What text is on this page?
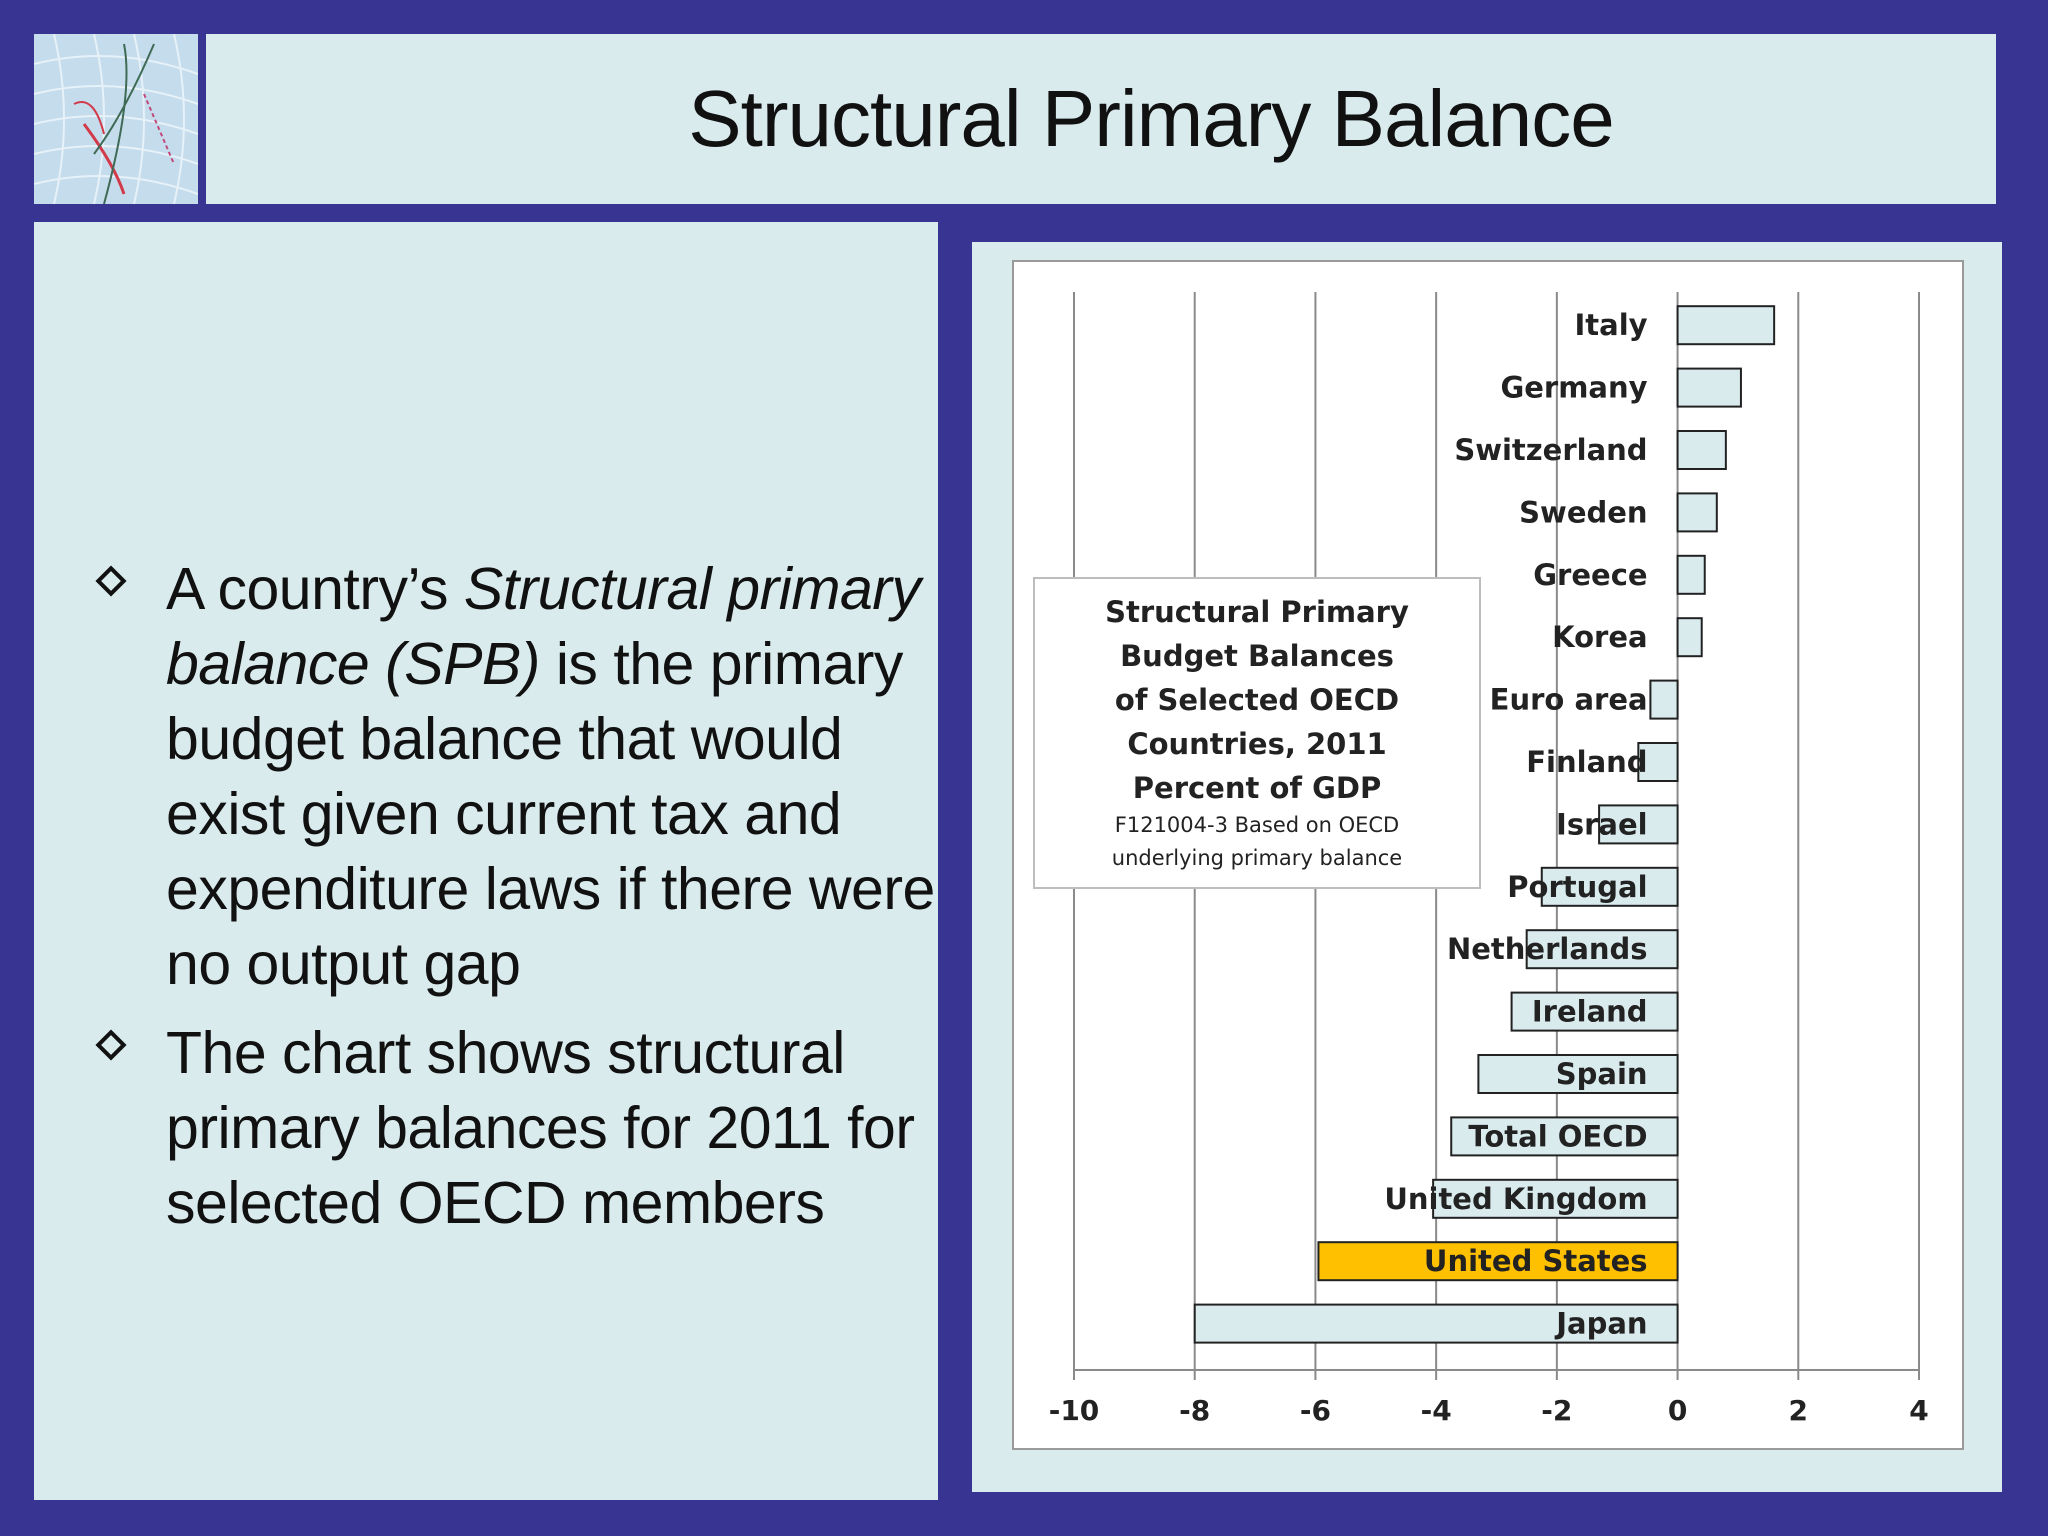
Structural Primary Balance
A country’s Structural primary balance (SPB) is the primary budget balance that would exist given current tax and expenditure laws if there were no output gap
The chart shows structural primary balances for 2011 for selected OECD members
-10	-8	-6	-4	-2	0	2	4
Italy
Germany
Switzerland
Sweden
Greece
Korea
Euro area
Finland
Israel
Portugal
Netherlands
Ireland
Spain
Total OECD
United Kingdom
United States
Japan
Structural Primary
Budget Balances
of Selected OECD
Countries, 2011
Percent of GDP
F121004-3 Based on OECD
underlying primary balance
